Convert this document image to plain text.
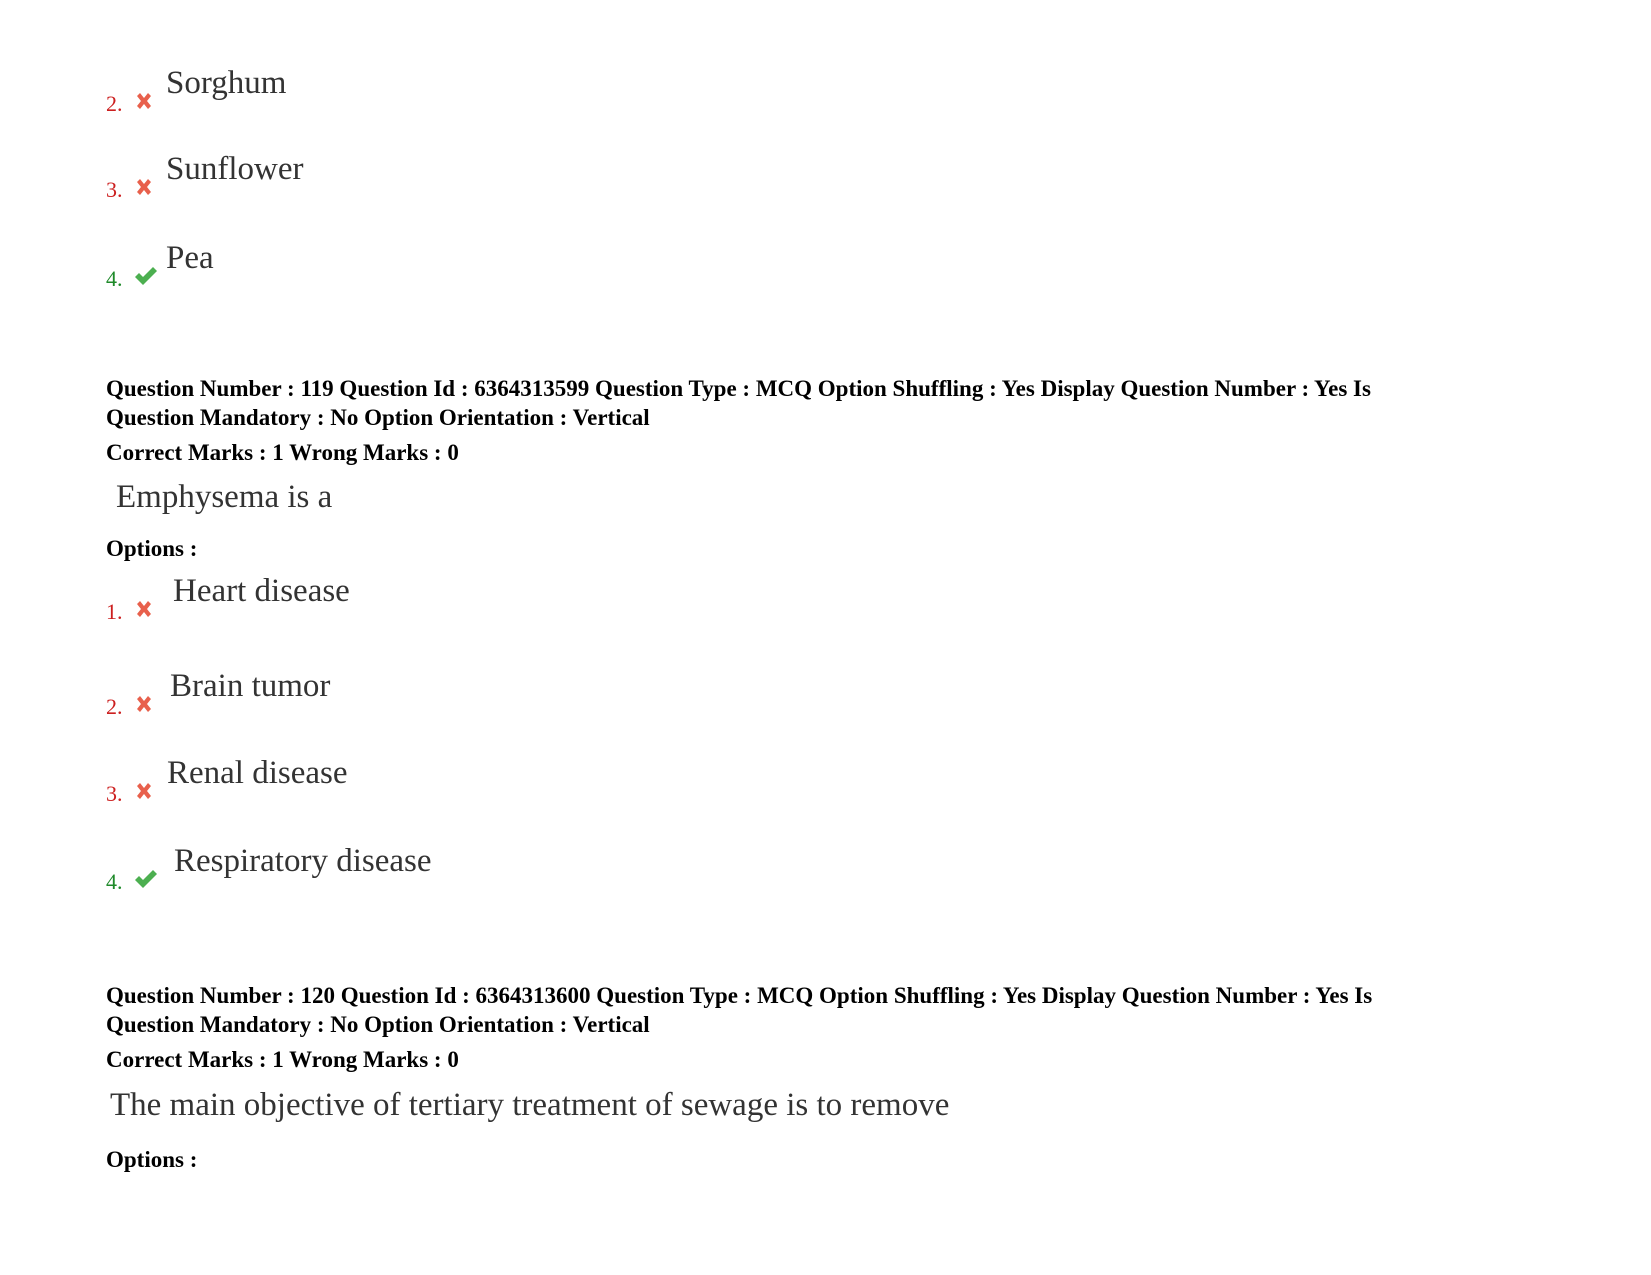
2.
Sorghum
3.
Sunflower
4.
Pea
Question Number : 119 Question Id : 6364313599 Question Type : MCQ Option Shuffling : Yes Display Question Number : Yes Is
Question Mandatory : No Option Orientation : Vertical
Correct Marks : 1 Wrong Marks : 0
Emphysema is a
Options :
1.
Heart disease
2.
Brain tumor
3.
Renal disease
4.
Respiratory disease
Question Number : 120 Question Id : 6364313600 Question Type : MCQ Option Shuffling : Yes Display Question Number : Yes Is
Question Mandatory : No Option Orientation : Vertical
Correct Marks : 1 Wrong Marks : 0
The main objective of tertiary treatment of sewage is to remove
Options :
